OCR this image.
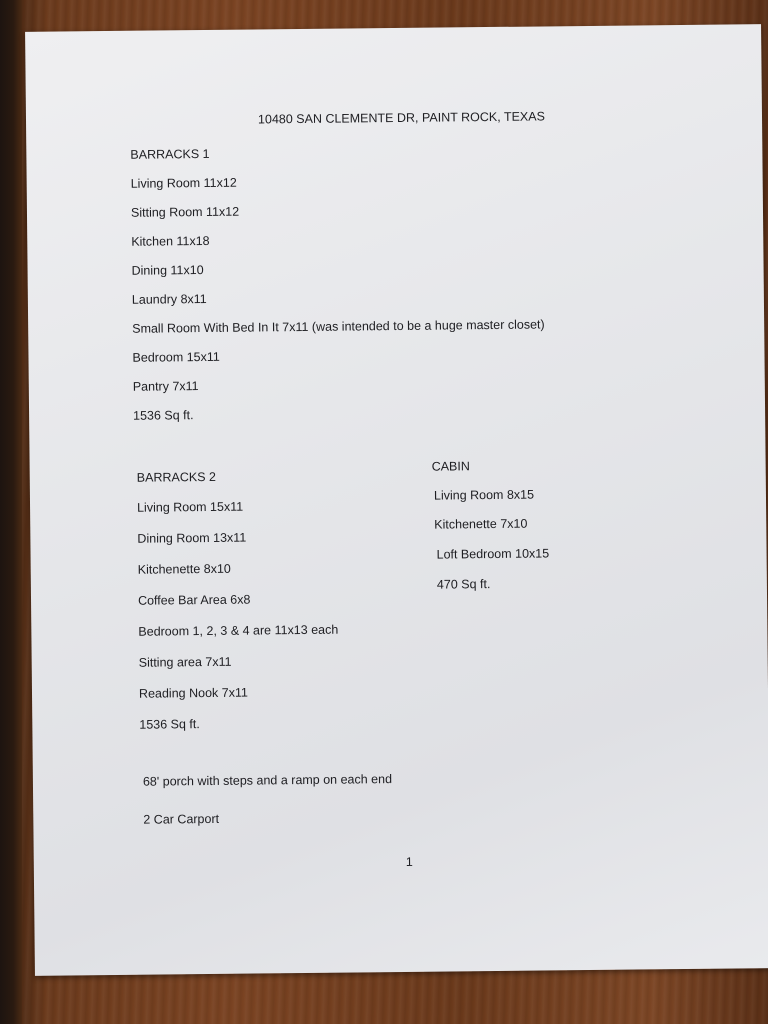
10480 SAN CLEMENTE DR, PAINT ROCK, TEXAS
BARRACKS 1
Living Room 11x12
Sitting Room 11x12
Kitchen 11x18
Dining 11x10
Laundry 8x11
Small Room With Bed In It 7x11 (was intended to be a huge master closet)
Bedroom 15x11
Pantry 7x11
1536 Sq ft.
BARRACKS 2
Living Room 15x11
Dining Room 13x11
Kitchenette 8x10
Coffee Bar Area 6x8
Bedroom 1, 2, 3 & 4 are 11x13 each
Sitting area 7x11
Reading Nook 7x11
1536 Sq ft.
CABIN
Living Room 8x15
Kitchenette 7x10
Loft Bedroom 10x15
470 Sq ft.
68' porch with steps and a ramp on each end
2 Car Carport
1
